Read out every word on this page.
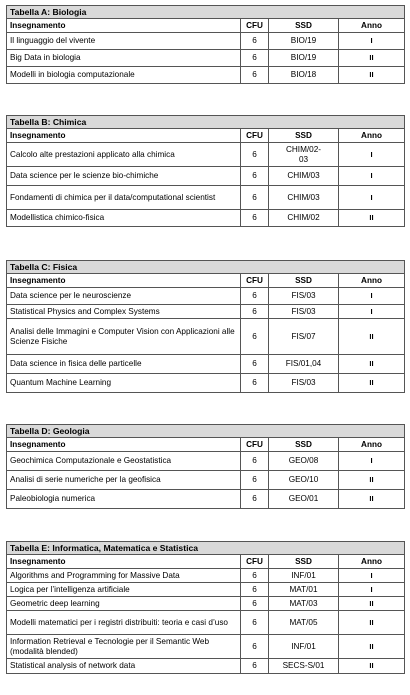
Tabella A: Biologia			
Insegnamento	CFU	SSD	Anno
Il linguaggio del vivente	6	BIO/19	I
Big Data in biologia	6	BIO/19	II
Modelli in biologia computazionale	6	BIO/18	II
Tabella B: Chimica			
Insegnamento	CFU	SSD	Anno
Calcolo alte prestazioni applicato alla chimica	6	CHIM/02-03	I
Data science per le scienze bio-chimiche	6	CHIM/03	I
Fondamenti di chimica per il data/computational scientist	6	CHIM/03	I
Modellistica chimico-fisica	6	CHIM/02	II
Tabella C: Fisica			
Insegnamento	CFU	SSD	Anno
Data science per le neuroscienze	6	FIS/03	I
Statistical Physics and Complex Systems	6	FIS/03	I
Analisi delle Immagini e Computer Vision con Applicazioni alle Scienze Fisiche	6	FIS/07	II
Data science in fisica delle particelle	6	FIS/01,04	II
Quantum Machine Learning	6	FIS/03	II
Tabella D: Geologia			
Insegnamento	CFU	SSD	Anno
Geochimica Computazionale e Geostatistica	6	GEO/08	I
Analisi di serie numeriche per la geofisica	6	GEO/10	II
Paleobiologia numerica	6	GEO/01	II
Tabella E: Informatica, Matematica e Statistica			
Insegnamento	CFU	SSD	Anno
Algorithms and Programming for Massive Data	6	INF/01	I
Logica per l’intelligenza artificiale	6	MAT/01	I
Geometric deep learning	6	MAT/03	II
Modelli matematici per i registri distribuiti: teoria e casi d’uso	6	MAT/05	II
Information Retrieval e Tecnologie per il Semantic Web (modalità blended)	6	INF/01	II
Statistical analysis of network data	6	SECS-S/01	II
